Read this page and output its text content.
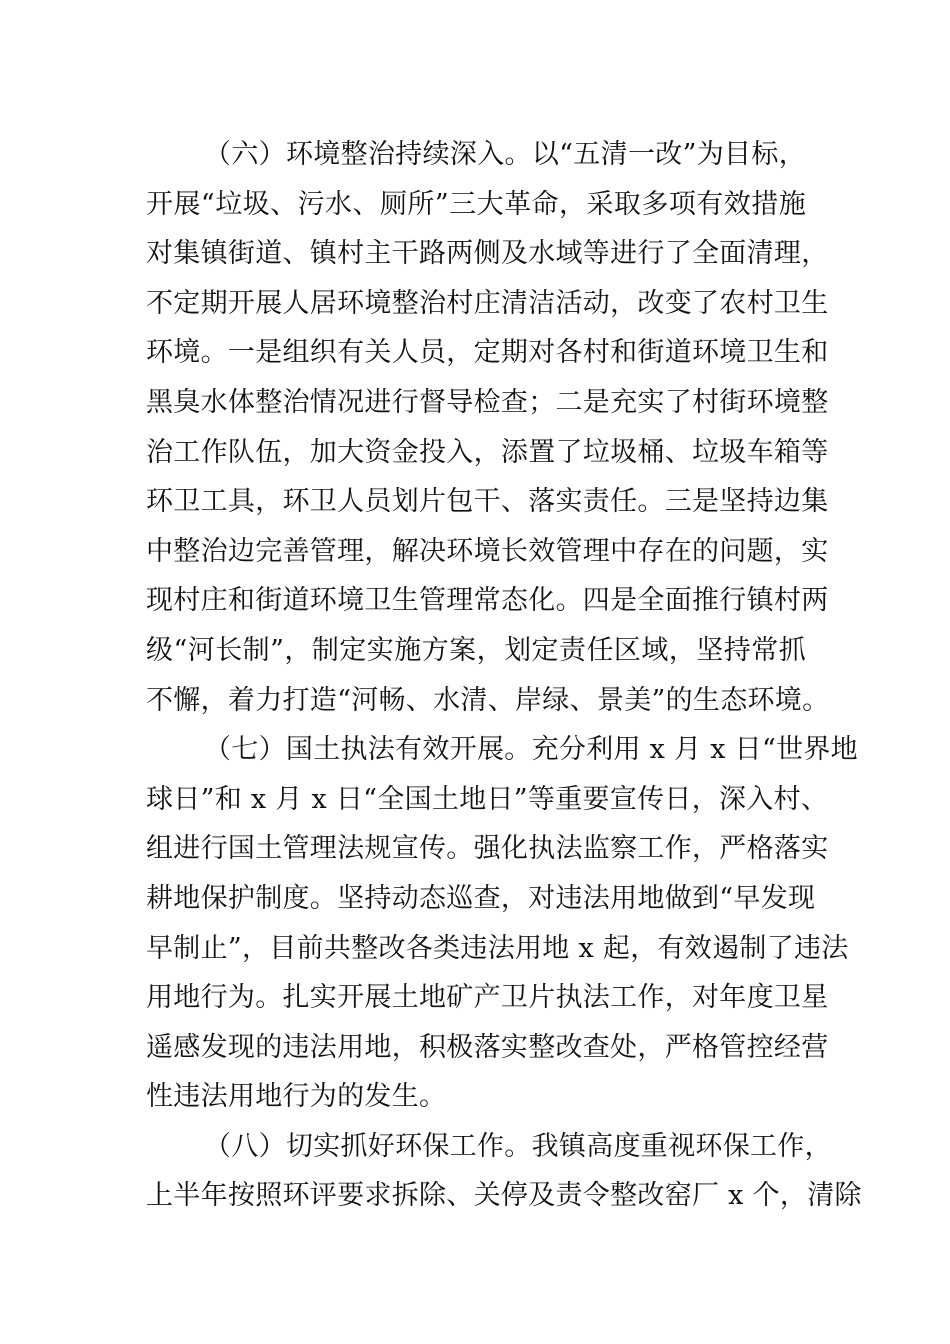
（六）环境整治持续深入。以“五清一改”为目标，
开展“垃圾、污水、厕所”三大革命，采取多项有效措施
对集镇街道、镇村主干路两侧及水域等进行了全面清理，
不定期开展人居环境整治村庄清洁活动，改变了农村卫生
环境。一是组织有关人员，定期对各村和街道环境卫生和
黑臭水体整治情况进行督导检查；二是充实了村街环境整
治工作队伍，加大资金投入，添置了垃圾桶、垃圾车箱等
环卫工具，环卫人员划片包干、落实责任。三是坚持边集
中整治边完善管理，解决环境长效管理中存在的问题，实
现村庄和街道环境卫生管理常态化。四是全面推行镇村两
级“河长制”，制定实施方案，划定责任区域，坚持常抓
不懈，着力打造“河畅、水清、岸绿、景美”的生态环境。
（七）国土执法有效开展。充分利用 x 月 x 日“世界地
球日”和 x 月 x 日“全国土地日”等重要宣传日，深入村、
组进行国土管理法规宣传。强化执法监察工作，严格落实
耕地保护制度。坚持动态巡查，对违法用地做到“早发现
早制止”，目前共整改各类违法用地 x 起，有效遏制了违法
用地行为。扎实开展土地矿产卫片执法工作，对年度卫星
遥感发现的违法用地，积极落实整改查处，严格管控经营
性违法用地行为的发生。
（八）切实抓好环保工作。我镇高度重视环保工作，
上半年按照环评要求拆除、关停及责令整改窑厂 x 个，清除
